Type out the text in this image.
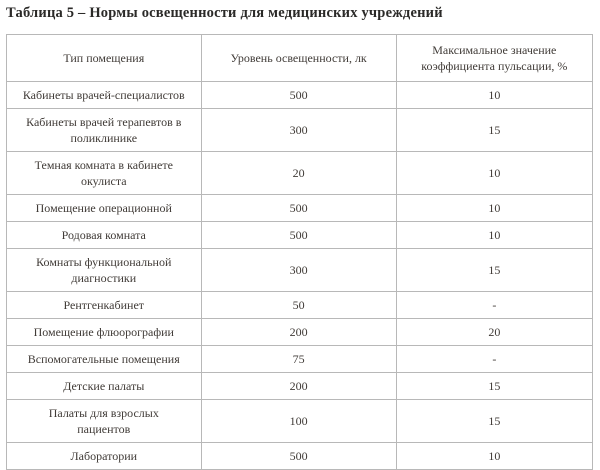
Таблица 5 – Нормы освещенности для медицинских учреждений
Тип помещения	Уровень освещенности, лк	Максимальное значение коэффициента пульсации, %
Кабинеты врачей-специалистов	500	10
Кабинеты врачей терапевтов в поликлинике	300	15
Темная комната в кабинете окулиста	20	10
Помещение операционной	500	10
Родовая комната	500	10
Комнаты функциональной диагностики	300	15
Рентгенкабинет	50	-
Помещение флюорографии	200	20
Вспомогательные помещения	75	-
Детские палаты	200	15
Палаты для взрослых пациентов	100	15
Лаборатории	500	10
